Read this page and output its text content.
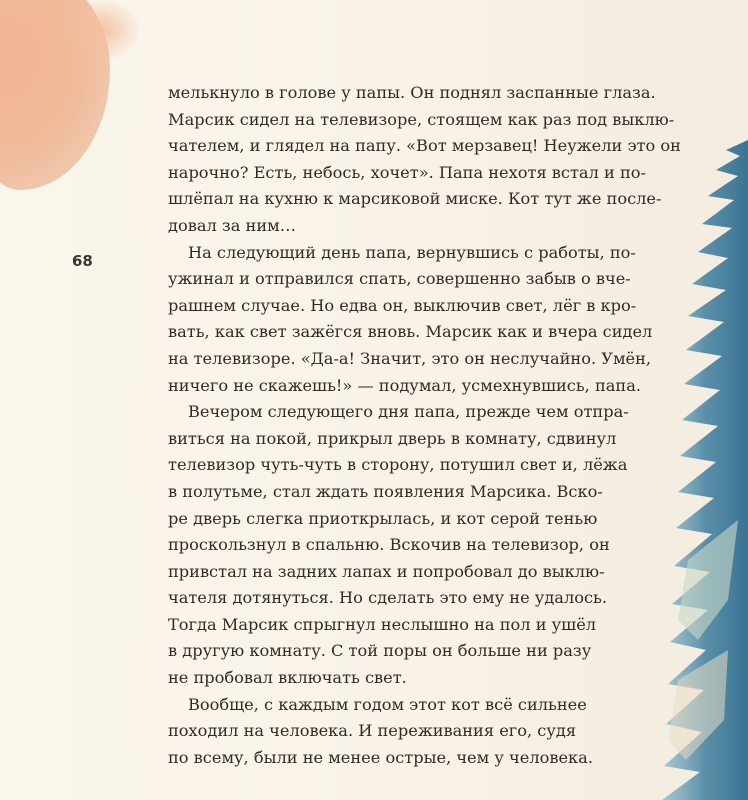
68
мелькнуло в голове у папы. Он поднял заспанные глаза.
Марсик сидел на телевизоре, стоящем как раз под выклю-
чателем, и глядел на папу. «Вот мерзавец! Неужели это он
нарочно? Есть, небось, хочет». Папа нехотя встал и по-
шлёпал на кухню к марсиковой миске. Кот тут же после-
довал за ним…
На следующий день папа, вернувшись с работы, по-
ужинал и отправился спать, совершенно забыв о вче-
рашнем случае. Но едва он, выключив свет, лёг в кро-
вать, как свет зажёгся вновь. Марсик как и вчера сидел
на телевизоре. «Да-а! Значит, это он неслучайно. Умён,
ничего не скажешь!» — подумал, усмехнувшись, папа.
Вечером следующего дня папа, прежде чем отпра-
виться на покой, прикрыл дверь в комнату, сдвинул
телевизор чуть-чуть в сторону, потушил свет и, лёжа
в полутьме, стал ждать появления Марсика. Вско-
ре дверь слегка приоткрылась, и кот серой тенью
проскользнул в спальню. Вскочив на телевизор, он
привстал на задних лапах и попробовал до выклю-
чателя дотянуться. Но сделать это ему не удалось.
Тогда Марсик спрыгнул неслышно на пол и ушёл
в другую комнату. С той поры он больше ни разу
не пробовал включать свет.
Вообще, с каждым годом этот кот всё сильнее
походил на человека. И переживания его, судя
по всему, были не менее острые, чем у человека.
